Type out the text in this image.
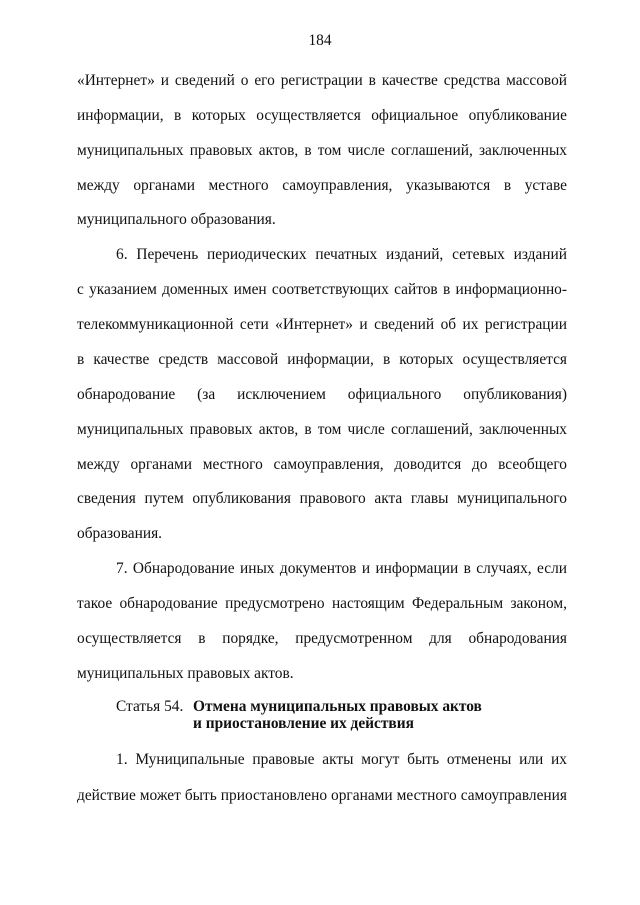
184
«Интернет» и сведений о его регистрации в качестве средства массовой
информации, в которых осуществляется официальное опубликование
муниципальных правовых актов, в том числе соглашений, заключенных
между органами местного самоуправления, указываются в уставе
муниципального образования.
6. Перечень периодических печатных изданий, сетевых изданий
с указанием доменных имен соответствующих сайтов в информационно-
телекоммуникационной сети «Интернет» и сведений об их регистрации
в качестве средств массовой информации, в которых осуществляется
обнародование (за исключением официального опубликования)
муниципальных правовых актов, в том числе соглашений, заключенных
между органами местного самоуправления, доводится до всеобщего
сведения путем опубликования правового акта главы муниципального
образования.
7. Обнародование иных документов и информации в случаях, если
такое обнародование предусмотрено настоящим Федеральным законом,
осуществляется в порядке, предусмотренном для обнародования
муниципальных правовых актов.
Статья 54. Отмена муниципальных правовых актов
и приостановление их действия
1. Муниципальные правовые акты могут быть отменены или их
действие может быть приостановлено органами местного самоуправления
